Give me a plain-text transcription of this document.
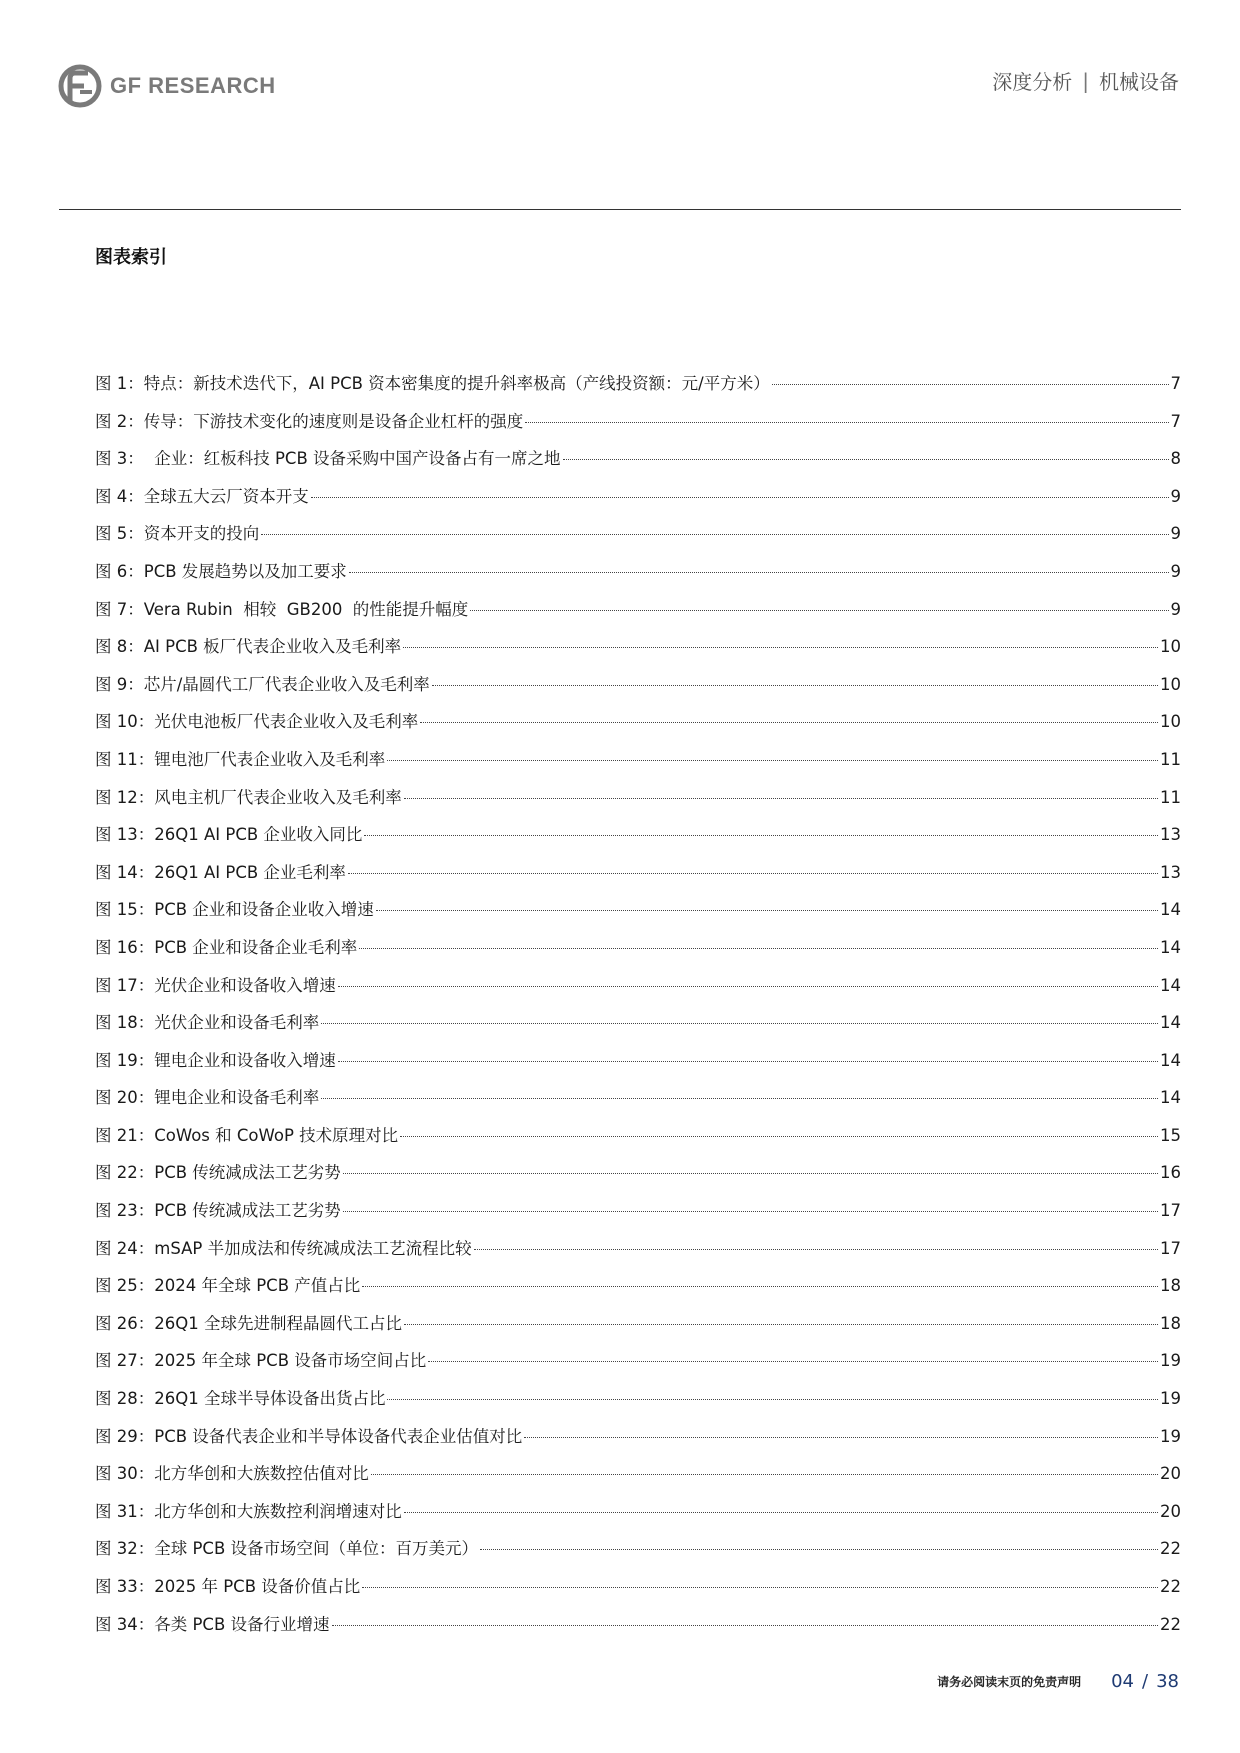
GF RESEARCH	深度分析 | 机械设备
图表索引
图 1：特点：新技术迭代下，AI PCB 资本密集度的提升斜率极高（产线投资额：元/平方米）	7
图 2：传导：下游技术变化的速度则是设备企业杠杆的强度	7
图 3：  企业：红板科技 PCB 设备采购中国产设备占有一席之地	8
图 4：全球五大云厂资本开支	9
图 5：资本开支的投向	9
图 6：PCB 发展趋势以及加工要求	9
图 7：Vera Rubin  相较  GB200  的性能提升幅度	9
图 8：AI PCB 板厂代表企业收入及毛利率	10
图 9：芯片/晶圆代工厂代表企业收入及毛利率	10
图 10：光伏电池板厂代表企业收入及毛利率	10
图 11：锂电池厂代表企业收入及毛利率	11
图 12：风电主机厂代表企业收入及毛利率	11
图 13：26Q1 AI PCB 企业收入同比	13
图 14：26Q1 AI PCB 企业毛利率	13
图 15：PCB 企业和设备企业收入增速	14
图 16：PCB 企业和设备企业毛利率	14
图 17：光伏企业和设备收入增速	14
图 18：光伏企业和设备毛利率	14
图 19：锂电企业和设备收入增速	14
图 20：锂电企业和设备毛利率	14
图 21：CoWos 和 CoWoP 技术原理对比	15
图 22：PCB 传统减成法工艺劣势	16
图 23：PCB 传统减成法工艺劣势	17
图 24：mSAP 半加成法和传统减成法工艺流程比较	17
图 25：2024 年全球 PCB 产值占比	18
图 26：26Q1 全球先进制程晶圆代工占比	18
图 27：2025 年全球 PCB 设备市场空间占比	19
图 28：26Q1 全球半导体设备出货占比	19
图 29：PCB 设备代表企业和半导体设备代表企业估值对比	19
图 30：北方华创和大族数控估值对比	20
图 31：北方华创和大族数控利润增速对比	20
图 32：全球 PCB 设备市场空间（单位：百万美元）	22
图 33：2025 年 PCB 设备价值占比	22
图 34：各类 PCB 设备行业增速	22
请务必阅读末页的免责声明 04 / 38
